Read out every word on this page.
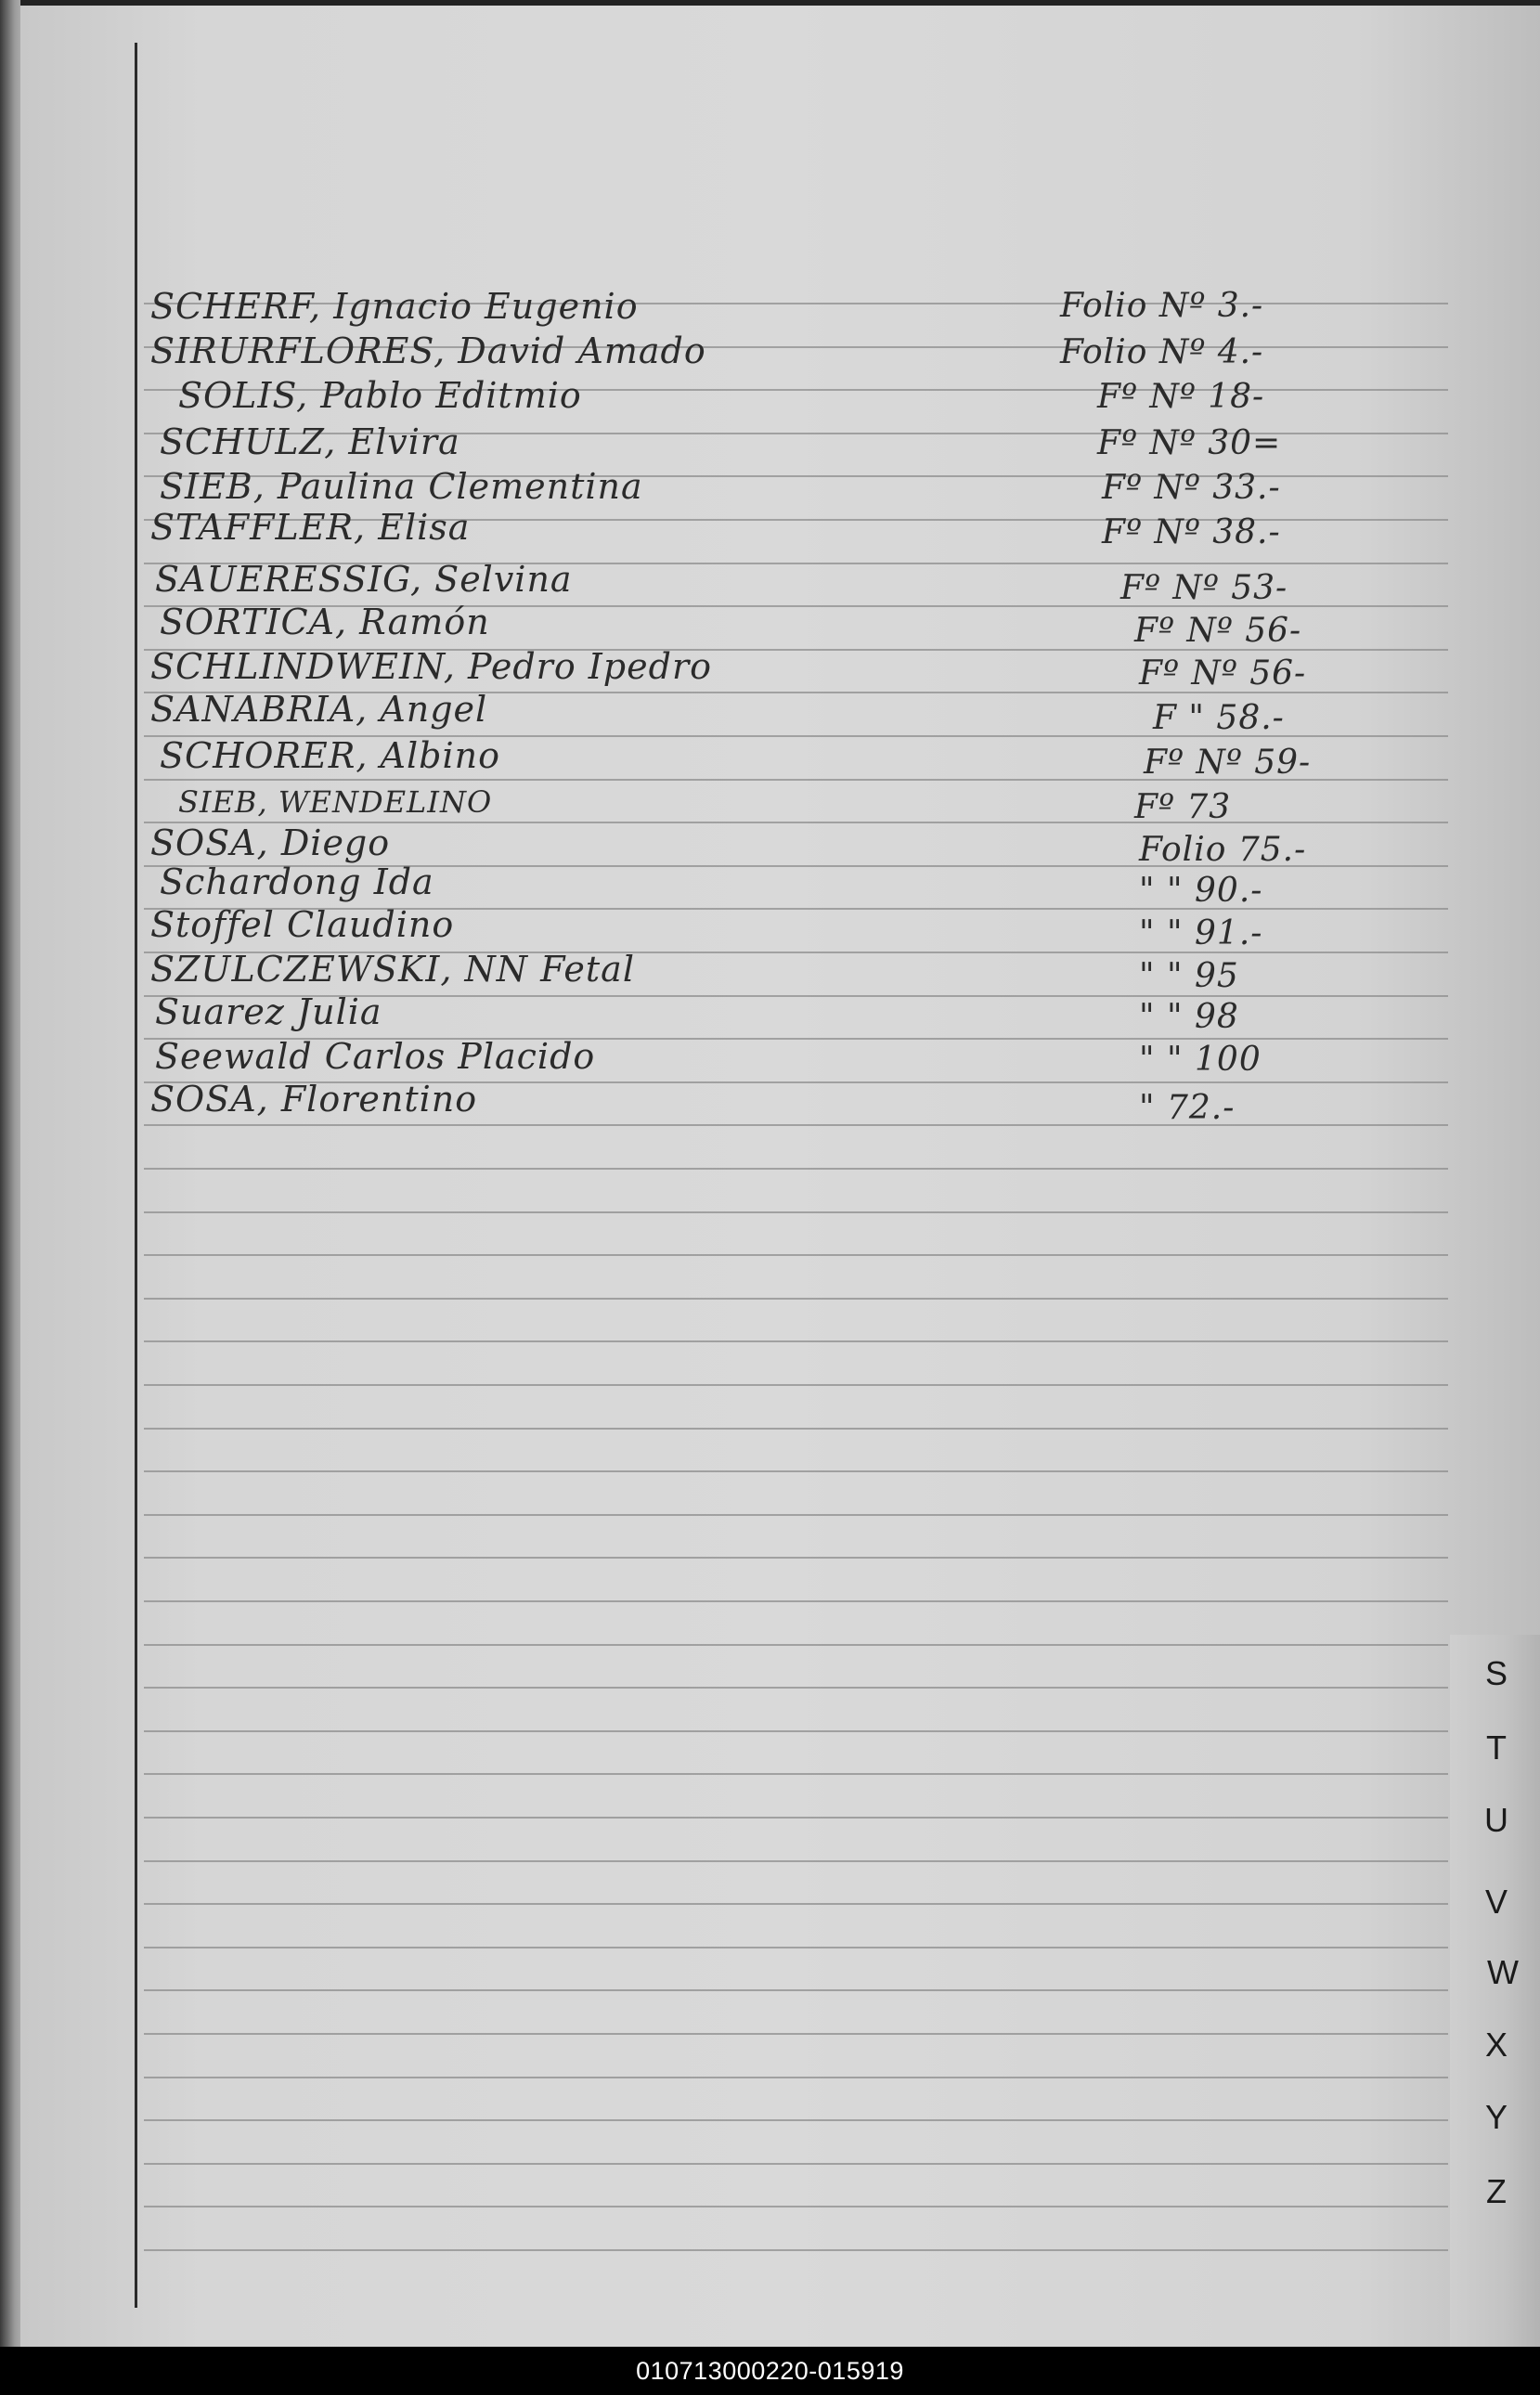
SCHERF, Ignacio Eugenio	Folio Nº 3.-
SIRURFLORES, David Amado	Folio Nº 4.-
SOLIS, Pablo Editmio	Fº Nº 18-
SCHULZ, Elvira	Fº Nº 30=
SIEB, Paulina Clementina	Fº Nº 33.-
STAFFLER, Elisa	Fº Nº 38.-
SAUERESSIG, Selvina	Fº Nº 53-
SORTICA, Ramón	Fº Nº 56-
SCHLINDWEIN, Pedro Ipedro	Fº Nº 56-
SANABRIA, Angel	F " 58.-
SCHORER, Albino	Fº Nº 59-
SIEB, WENDELINO	Fº 73
SOSA, Diego	Folio 75.-
Schardong Ida	" " 90.-
Stoffel Claudino	" " 91.-
SZULCZEWSKI, NN Fetal	" " 95
Suarez Julia	" " 98
Seewald Carlos Placido	" " 100
SOSA, Florentino	" 72.-
S
T
U
V
W
X
Y
Z
010713000220-015919
